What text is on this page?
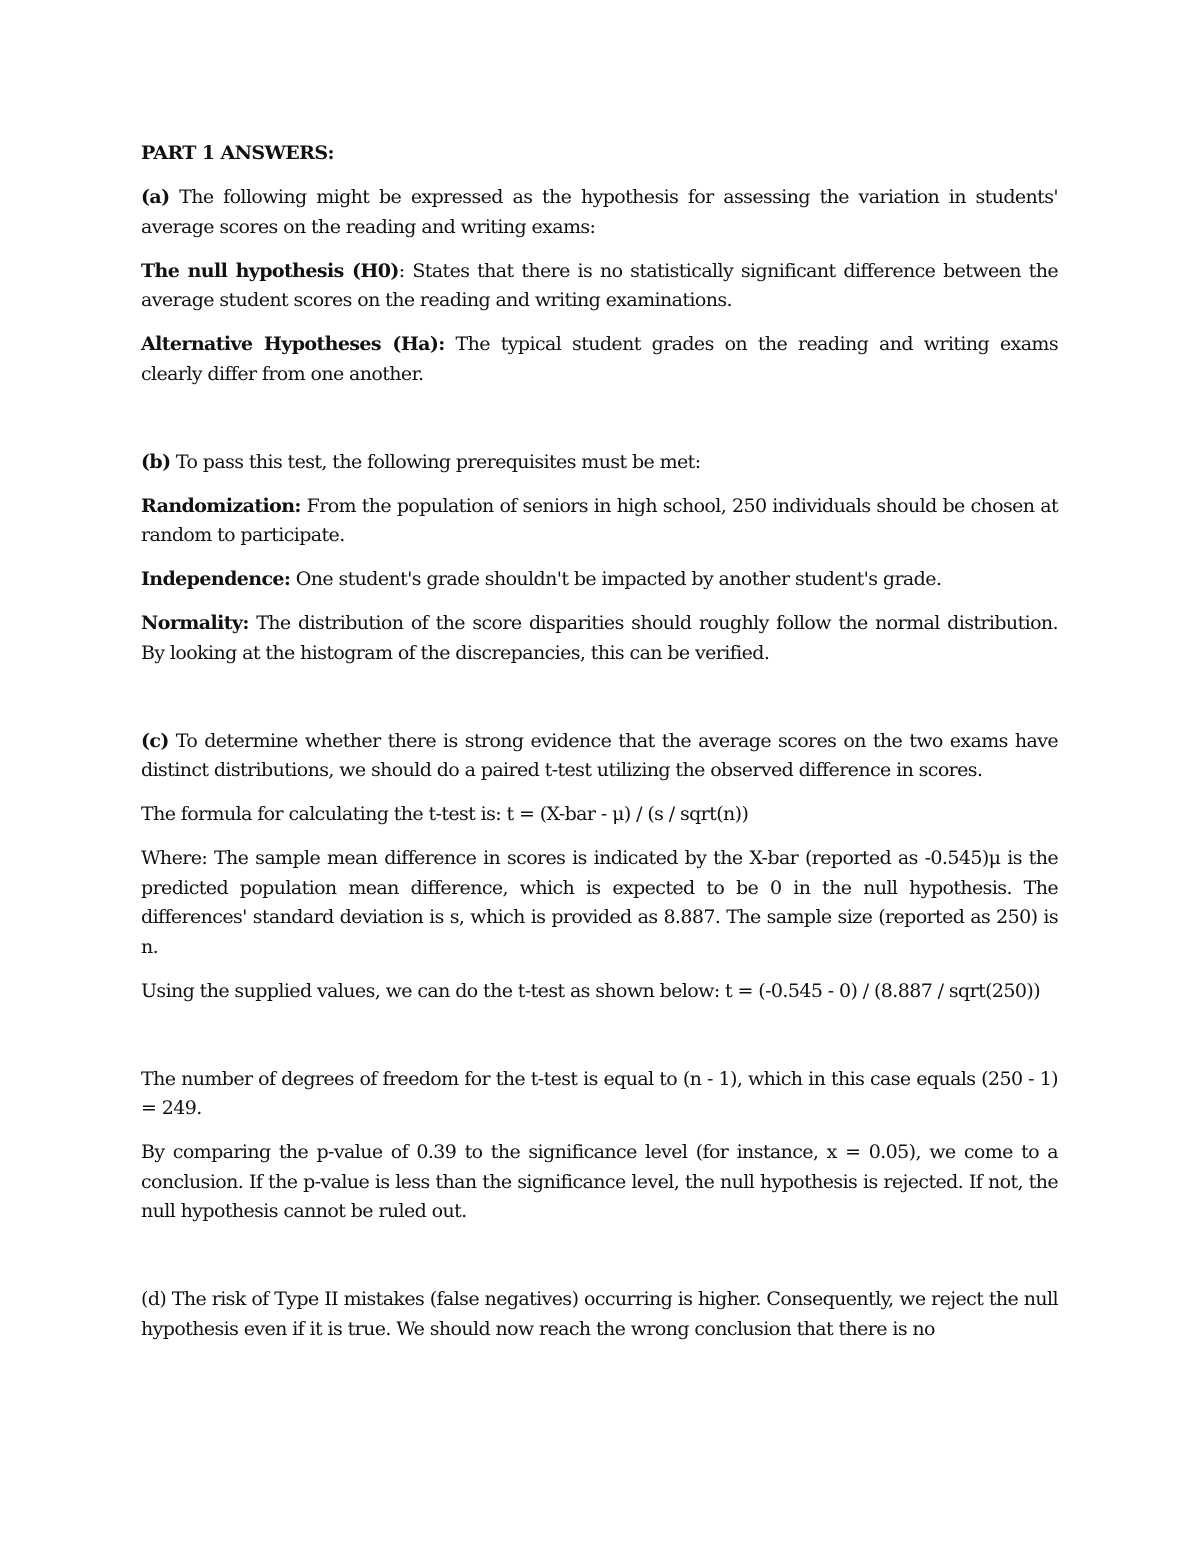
PART 1 ANSWERS:

(a) The following might be expressed as the hypothesis for assessing the variation in students' average scores on the reading and writing exams:

The null hypothesis (H0): States that there is no statistically significant difference between the average student scores on the reading and writing examinations.

Alternative Hypotheses (Ha): The typical student grades on the reading and writing exams clearly differ from one another.

(b) To pass this test, the following prerequisites must be met:

Randomization: From the population of seniors in high school, 250 individuals should be chosen at random to participate.

Independence: One student's grade shouldn't be impacted by another student's grade.

Normality: The distribution of the score disparities should roughly follow the normal distribution. By looking at the histogram of the discrepancies, this can be verified.

(c) To determine whether there is strong evidence that the average scores on the two exams have distinct distributions, we should do a paired t-test utilizing the observed difference in scores.

The formula for calculating the t-test is: t = (X-bar - μ) / (s / sqrt(n))

Where: The sample mean difference in scores is indicated by the X-bar (reported as -0.545)μ is the predicted population mean difference, which is expected to be 0 in the null hypothesis. The differences' standard deviation is s, which is provided as 8.887. The sample size (reported as 250) is n.

Using the supplied values, we can do the t-test as shown below: t = (-0.545 - 0) / (8.887 / sqrt(250))

The number of degrees of freedom for the t-test is equal to (n - 1), which in this case equals (250 - 1) = 249.

By comparing the p-value of 0.39 to the significance level (for instance, x = 0.05), we come to a conclusion. If the p-value is less than the significance level, the null hypothesis is rejected. If not, the null hypothesis cannot be ruled out.

(d) The risk of Type II mistakes (false negatives) occurring is higher. Consequently, we reject the null hypothesis even if it is true. We should now reach the wrong conclusion that there is no
